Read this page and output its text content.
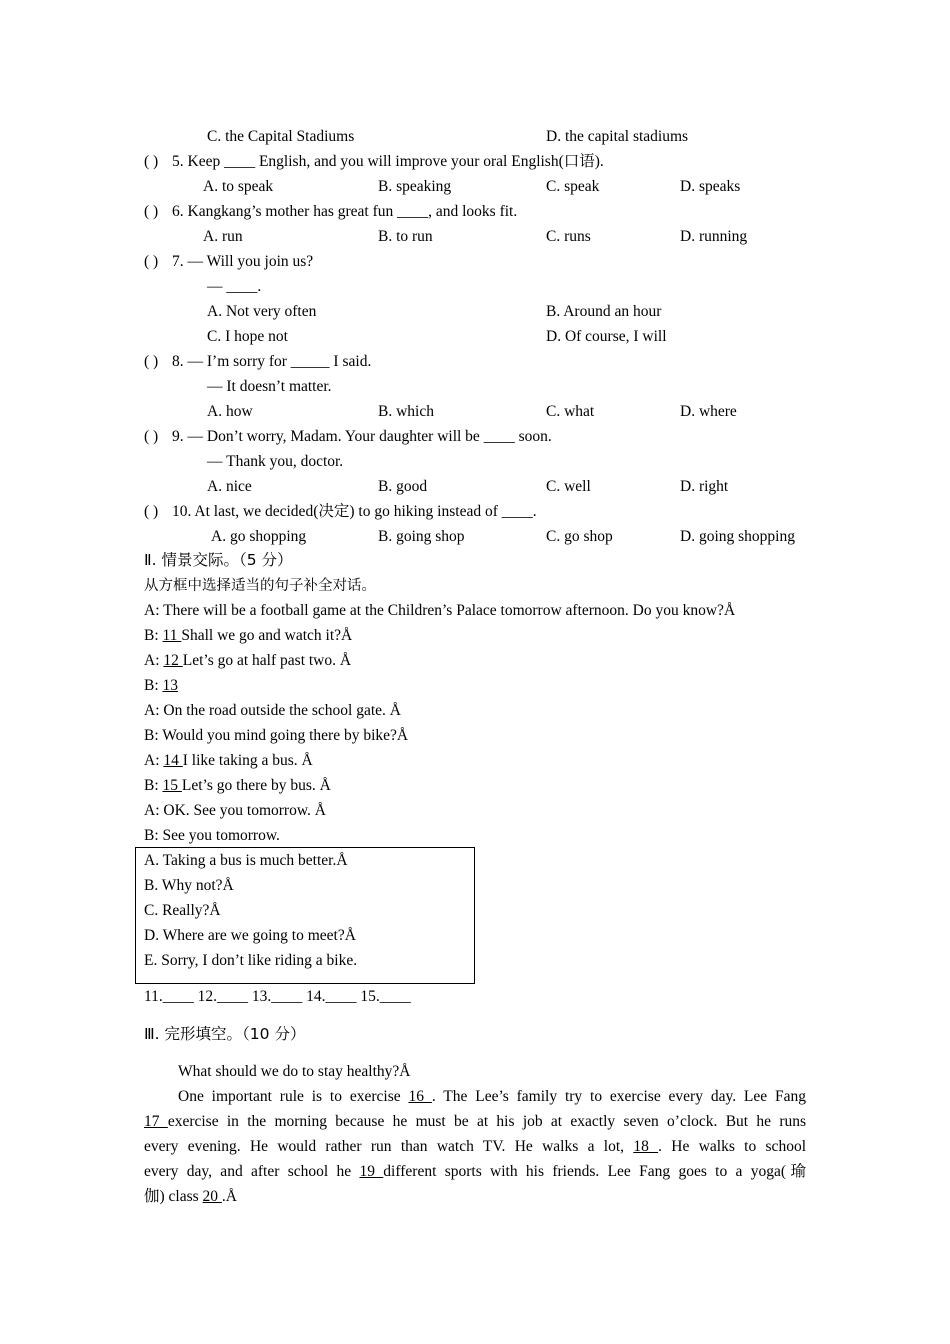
C. the Capital Stadiums	D. the capital stadiums
( ) 5. Keep ____ English, and you will improve your oral English(口语).
A. to speak	B. speaking	C. speak	D. speaks
( ) 6. Kangkang’s mother has great fun ____, and looks fit.
A. run	B. to run	C. runs	D. running
( ) 7. — Will you join us?
— ____.
A. Not very often	B. Around an hour
C. I hope not	D. Of course, I will
( ) 8. — I’m sorry for _____ I said.
— It doesn’t matter.
A. how	B. which	C. what	D. where
( ) 9. — Don’t worry, Madam. Your daughter will be ____ soon.
— Thank you, doctor.
A. nice	B. good	C. well	D. right
( ) 10. At last, we decided(决定) to go hiking instead of ____.
A. go shopping	B. going shop	C. go shop	D. going shopping
Ⅱ. 情景交际。（5 分）
从方框中选择适当的句子补全对话。
A: There will be a football game at the Children’s Palace tomorrow afternoon. Do you know?Å
B: 11 Shall we go and watch it?Å
A: 12 Let’s go at half past two. Å
B: 13
A: On the road outside the school gate. Å
B: Would you mind going there by bike?Å
A: 14 I like taking a bus. Å
B: 15 Let’s go there by bus. Å
A: OK. See you tomorrow. Å
B: See you tomorrow.
A. Taking a bus is much better.Å
B. Why not?Å
C. Really?Å
D. Where are we going to meet?Å
E. Sorry, I don’t like riding a bike.
11.____ 12.____ 13.____ 14.____ 15.____
Ⅲ. 完形填空。（10 分）
What should we do to stay healthy?Å
One important rule is to exercise 16 . The Lee’s family try to exercise every day. Lee Fang
17 exercise in the morning because he must be at his job at exactly seven o’clock. But he runs
every evening. He would rather run than watch TV. He walks a lot, 18 . He walks to school
every day, and after school he 19 different sports with his friends. Lee Fang goes to a yoga(瑜
伽) class 20 .Å
